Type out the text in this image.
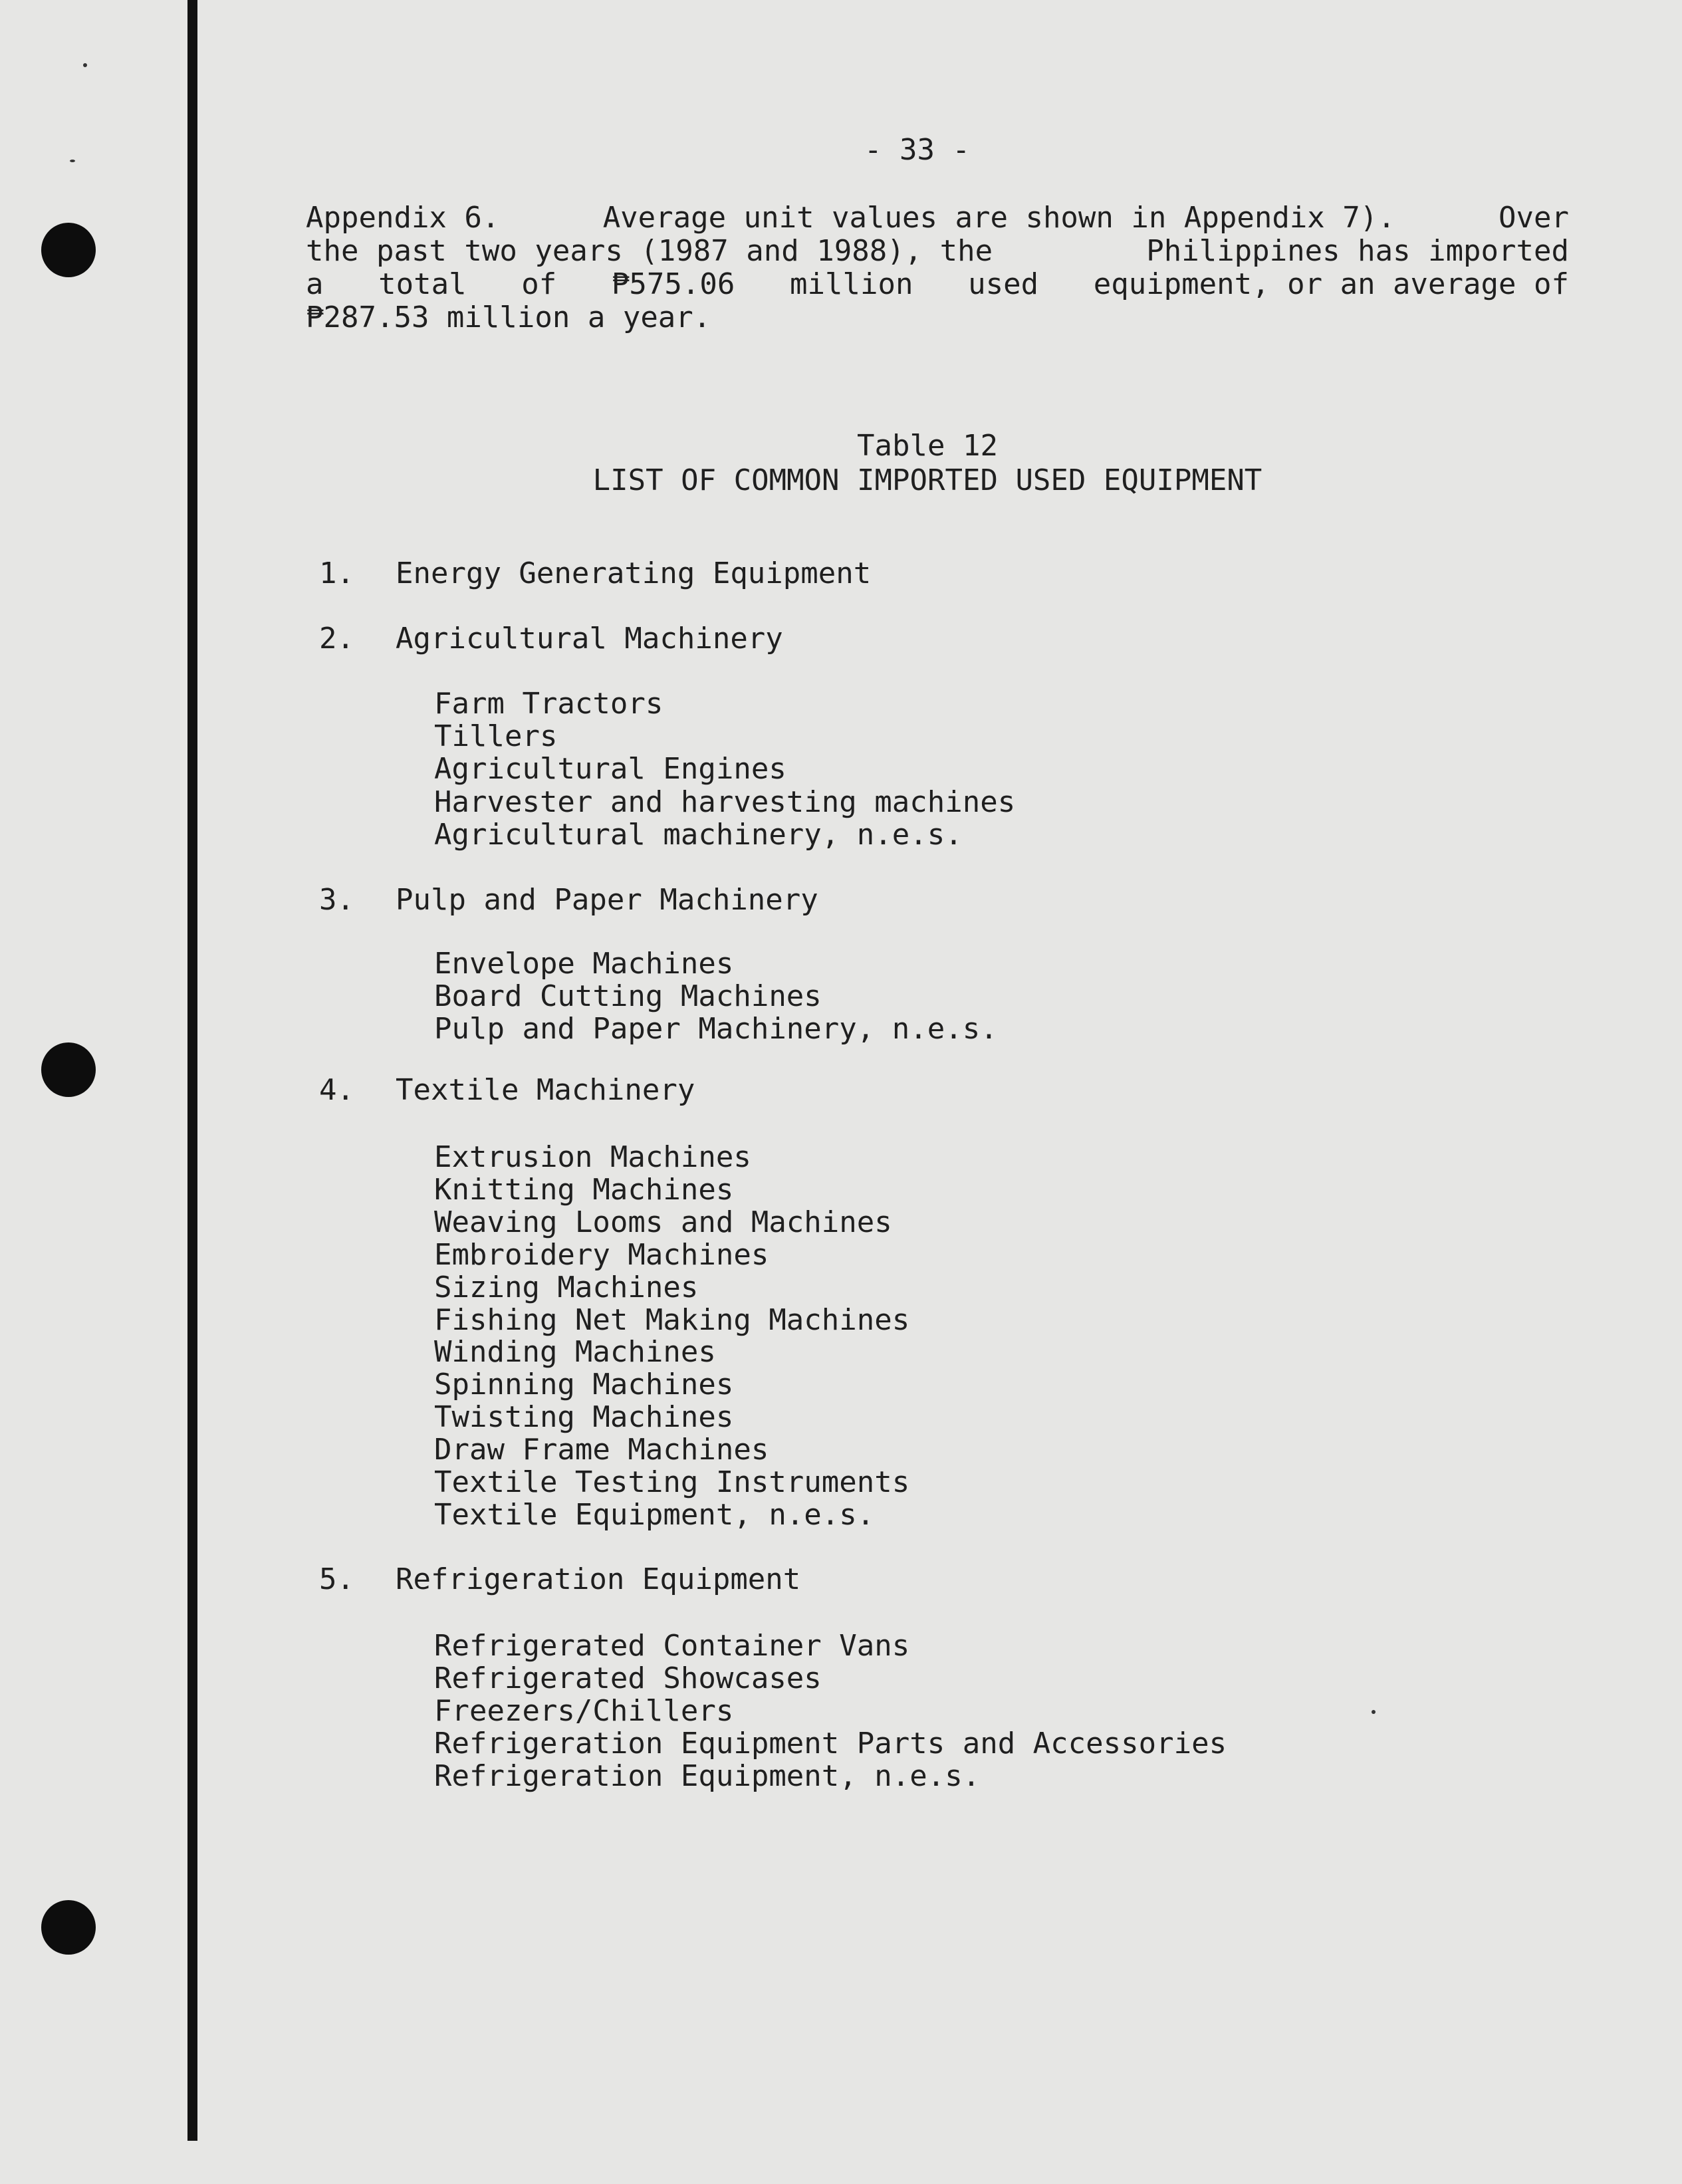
- 33 -
Appendix 6.	Average unit values are shown in Appendix 7).	Over
the past two years (1987 and 1988), the	Philippines has imported
a total of ₱575.06 million used equipment, or an average of
₱287.53 million a year.
Table 12
LIST OF COMMON IMPORTED USED EQUIPMENT
1. Energy Generating Equipment
2. Agricultural Machinery
Farm Tractors
Tillers
Agricultural Engines
Harvester and harvesting machines
Agricultural machinery, n.e.s.
3. Pulp and Paper Machinery
Envelope Machines
Board Cutting Machines
Pulp and Paper Machinery, n.e.s.
4. Textile Machinery
Extrusion Machines
Knitting Machines
Weaving Looms and Machines
Embroidery Machines
Sizing Machines
Fishing Net Making Machines
Winding Machines
Spinning Machines
Twisting Machines
Draw Frame Machines
Textile Testing Instruments
Textile Equipment, n.e.s.
5. Refrigeration Equipment
Refrigerated Container Vans
Refrigerated Showcases
Freezers/Chillers
Refrigeration Equipment Parts and Accessories
Refrigeration Equipment, n.e.s.
